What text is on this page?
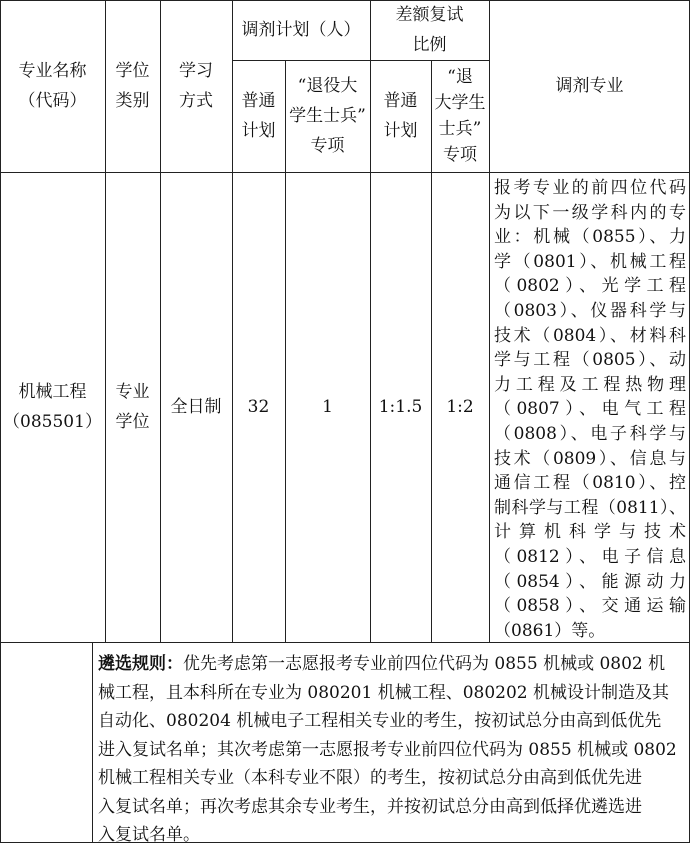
专业名称
（代码）
学位
类别
学习
方式
调剂计划（人）
差额复试
比例
普通
计划
“退役大
学生士兵”
专项
普通
计划
“退
大学生
士兵”
专项
调剂专业
机械工程
（085501）
专业
学位
全日制 32	1	1:1.5 1:2
报考专业的前四位代码
为以下一级学科内的专
业：机械（0855）、力
学（0801）、机械工程
（0802）、光学工程
（0803）、仪器科学与
技术（0804）、材料科
学与工程（0805）、动
力工程及工程热物理
（0807）、电气工程
（0808）、电子科学与
技术（0809）、信息与
通信工程（0810）、控
制科学与工程（0811）、
计算机科学与技术
（0812）、电子信息
（0854）、能源动力
（0858）、交通运输
（0861）等。
遴选规则：优先考虑第一志愿报考专业前四位代码为 0855 机械或 0802 机
械工程，且本科所在专业为 080201 机械工程、080202 机械设计制造及其
自动化、080204 机械电子工程相关专业的考生，按初试总分由高到低优先
进入复试名单；其次考虑第一志愿报考专业前四位代码为 0855 机械或 0802
机械工程相关专业（本科专业不限）的考生，按初试总分由高到低优先进
入复试名单；再次考虑其余专业考生，并按初试总分由高到低择优遴选进
入复试名单。
